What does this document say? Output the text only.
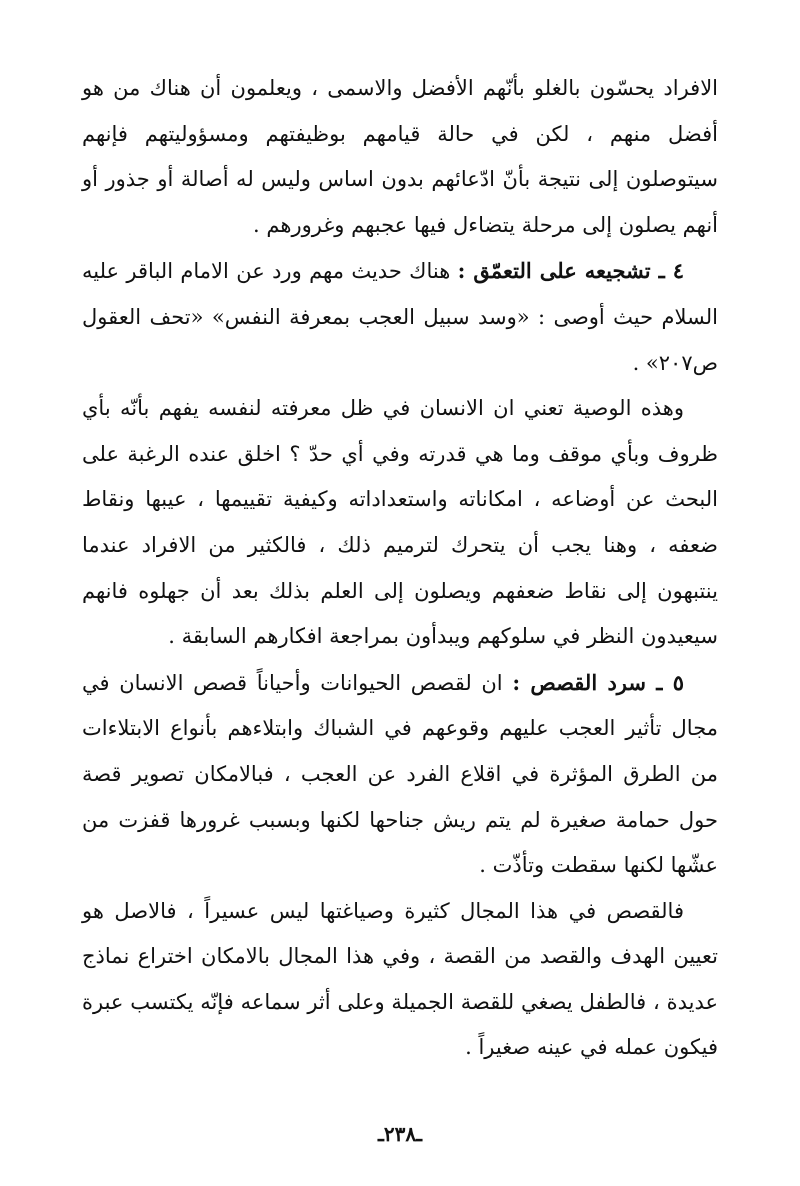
الافراد يحسّون بالغلو بأنّهم الأفضل والاسمى ، ويعلمون أن هناك من هو أفضل منهم ، لكن في حالة قيامهم بوظيفتهم ومسؤوليتهم فإنهم سيتوصلون إلى نتيجة بأنّ ادّعائهم بدون اساس وليس له أصالة أو جذور أو أنهم يصلون إلى مرحلة يتضاءل فيها عجبهم وغرورهم .

٤ ـ تشجيعه على التعمّق : هناك حديث مهم ورد عن الامام الباقر عليه السلام حيث أوصى : «وسد سبيل العجب بمعرفة النفس» «تحف العقول ص٢٠٧» .

وهذه الوصية تعني ان الانسان في ظل معرفته لنفسه يفهم بأنّه بأي ظروف وبأي موقف وما هي قدرته وفي أي حدّ ؟ اخلق عنده الرغبة على البحث عن أوضاعه ، امكاناته واستعداداته وكيفية تقييمها ، عيبها ونقاط ضعفه ، وهنا يجب أن يتحرك لترميم ذلك ، فالكثير من الافراد عندما ينتبهون إلى نقاط ضعفهم ويصلون إلى العلم بذلك بعد أن جهلوه فانهم سيعيدون النظر في سلوكهم ويبدأون بمراجعة افكارهم السابقة .

٥ ـ سرد القصص : ان لقصص الحيوانات وأحياناً قصص الانسان في مجال تأثير العجب عليهم وقوعهم في الشباك وابتلاءهم بأنواع الابتلاءات من الطرق المؤثرة في اقلاع الفرد عن العجب ، فبالامكان تصوير قصة حول حمامة صغيرة لم يتم ريش جناحها لكنها وبسبب غرورها قفزت من عشّها لكنها سقطت وتأذّت .

فالقصص في هذا المجال كثيرة وصياغتها ليس عسيراً ، فالاصل هو تعيين الهدف والقصد من القصة ، وفي هذا المجال بالامكان اختراع نماذج عديدة ، فالطفل يصغي للقصة الجميلة وعلى أثر سماعه فإنّه يكتسب عبرة فيكون عمله في عينه صغيراً .

ـ٢٣٨ـ
